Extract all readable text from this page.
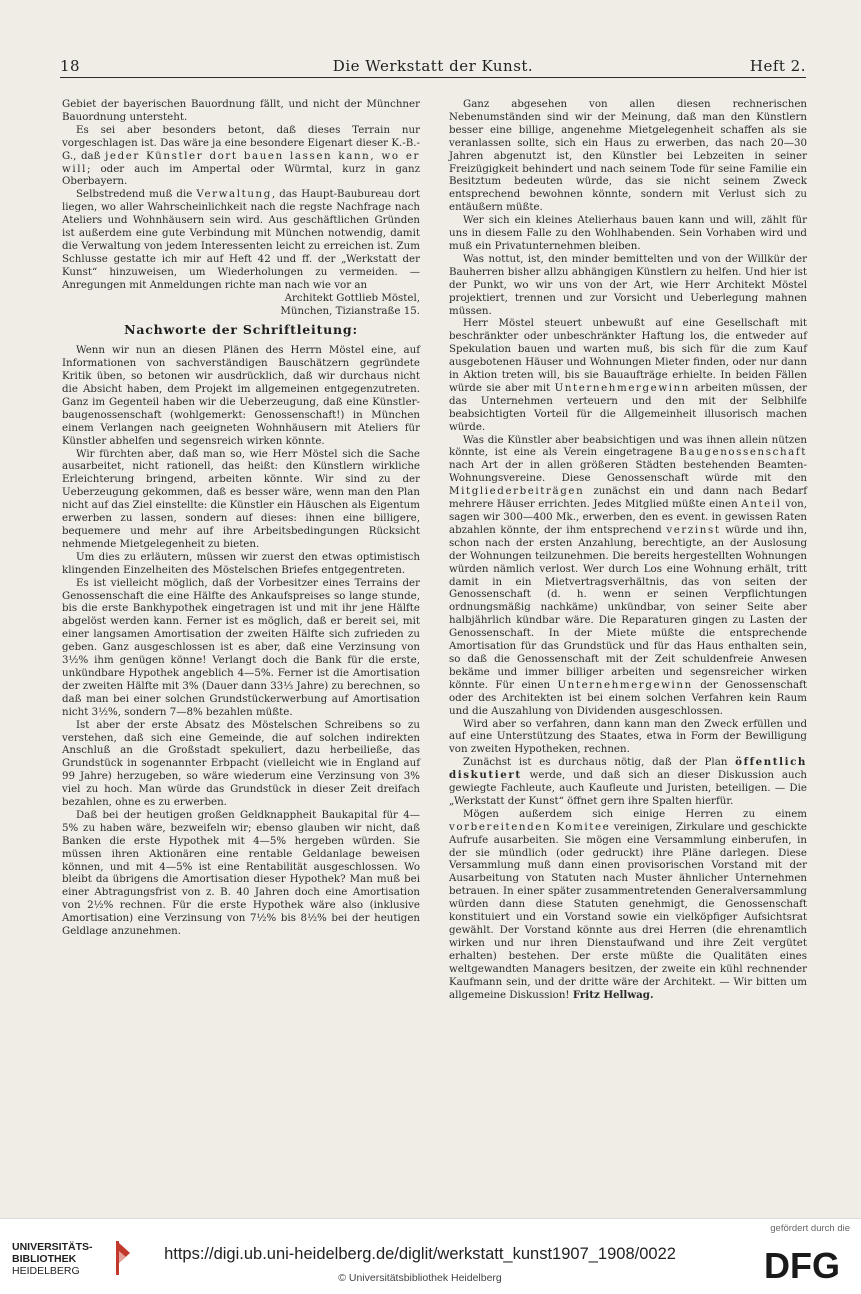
18	Die Werkstatt der Kunst.	Heft 2.

Gebiet der bayerischen Bauordnung fällt, und nicht der Münchner Bauordnung untersteht.

Es sei aber besonders betont, daß dieses Terrain nur vorgeschlagen ist. Das wäre ja eine besondere Eigenart dieser K.-B.-G., daß jeder Künstler dort bauen lassen kann, wo er will; oder auch im Ampertal oder Würmtal, kurz in ganz Oberbayern.

Selbstredend muß die Verwaltung, das Haupt-Baubureau dort liegen, wo aller Wahrscheinlichkeit nach die regste Nachfrage nach Ateliers und Wohnhäusern sein wird. Aus geschäftlichen Gründen ist außerdem eine gute Verbindung mit München notwendig, damit die Verwaltung von jedem Interessenten leicht zu erreichen ist. Zum Schlusse gestatte ich mir auf Heft 42 und ff. der „Werkstatt der Kunst“ hinzuweisen, um Wiederholungen zu vermeiden. — Anregungen mit Anmeldungen richte man nach wie vor an

Architekt Gottlieb Möstel,
München, Tizianstraße 15.

Nachworte der Schriftleitung:

Wenn wir nun an diesen Plänen des Herrn Möstel eine, auf Informationen von sachverständigen Bauschätzern gegründete Kritik üben, so betonen wir ausdrücklich, daß wir durchaus nicht die Absicht haben, dem Projekt im allgemeinen entgegenzutreten. Ganz im Gegenteil haben wir die Ueberzeugung, daß eine Künstler-baugenossenschaft (wohlgemerkt: Genossenschaft!) in München einem Verlangen nach geeigneten Wohnhäusern mit Ateliers für Künstler abhelfen und segensreich wirken könnte.

Wir fürchten aber, daß man so, wie Herr Möstel sich die Sache ausarbeitet, nicht rationell, das heißt: den Künstlern wirkliche Erleichterung bringend, arbeiten könnte. Wir sind zu der Ueberzeugung gekommen, daß es besser wäre, wenn man den Plan nicht auf das Ziel einstellte: die Künstler ein Häuschen als Eigentum erwerben zu lassen, sondern auf dieses: ihnen eine billigere, bequemere und mehr auf ihre Arbeitsbedingungen Rücksicht nehmende Mietgelegenheit zu bieten.

Um dies zu erläutern, müssen wir zuerst den etwas optimistisch klingenden Einzelheiten des Möstelschen Briefes entgegentreten.

Es ist vielleicht möglich, daß der Vorbesitzer eines Terrains der Genossenschaft die eine Hälfte des Ankaufspreises so lange stunde, bis die erste Bankhypothek eingetragen ist und mit ihr jene Hälfte abgelöst werden kann. Ferner ist es möglich, daß er bereit sei, mit einer langsamen Amortisation der zweiten Hälfte sich zufrieden zu geben. Ganz ausgeschlossen ist es aber, daß eine Verzinsung von 3½% ihm genügen könne! Verlangt doch die Bank für die erste, unkündbare Hypothek angeblich 4—5%. Ferner ist die Amortisation der zweiten Hälfte mit 3% (Dauer dann 33⅓ Jahre) zu berechnen, so daß man bei einer solchen Grundstückerwerbung auf Amortisation nicht 3½%, sondern 7—8% bezahlen müßte.

Ist aber der erste Absatz des Möstelschen Schreibens so zu verstehen, daß sich eine Gemeinde, die auf solchen indirekten Anschluß an die Großstadt spekuliert, dazu herbeiließe, das Grundstück in sogenannter Erbpacht (vielleicht wie in England auf 99 Jahre) herzugeben, so wäre wiederum eine Verzinsung von 3% viel zu hoch. Man würde das Grundstück in dieser Zeit dreifach bezahlen, ohne es zu erwerben.

Daß bei der heutigen großen Geldknappheit Baukapital für 4—5% zu haben wäre, bezweifeln wir; ebenso glauben wir nicht, daß Banken die erste Hypothek mit 4—5% hergeben würden. Sie müssen ihren Aktionären eine rentable Geldanlage beweisen können, und mit 4—5% ist eine Rentabilität ausgeschlossen. Wo bleibt da übrigens die Amortisation dieser Hypothek? Man muß bei einer Abtragungsfrist von z. B. 40 Jahren doch eine Amortisation von 2½% rechnen. Für die erste Hypothek wäre also (inklusive Amortisation) eine Verzinsung von 7½% bis 8½% bei der heutigen Geldlage anzunehmen.

Ganz abgesehen von allen diesen rechnerischen Nebenumständen sind wir der Meinung, daß man den Künstlern besser eine billige, angenehme Mietgelegenheit schaffen als sie veranlassen sollte, sich ein Haus zu erwerben, das nach 20—30 Jahren abgenutzt ist, den Künstler bei Lebzeiten in seiner Freizügigkeit behindert und nach seinem Tode für seine Familie ein Besitztum bedeuten würde, das sie nicht seinem Zweck entsprechend bewohnen könnte, sondern mit Verlust sich zu entäußern müßte.

Wer sich ein kleines Atelierhaus bauen kann und will, zählt für uns in diesem Falle zu den Wohlhabenden. Sein Vorhaben wird und muß ein Privatunternehmen bleiben.

Was nottut, ist, den minder bemittelten und von der Willkür der Bauherren bisher allzu abhängigen Künstlern zu helfen. Und hier ist der Punkt, wo wir uns von der Art, wie Herr Architekt Möstel projektiert, trennen und zur Vorsicht und Ueberlegung mahnen müssen.

Herr Möstel steuert unbewußt auf eine Gesellschaft mit beschränkter oder unbeschränkter Haftung los, die entweder auf Spekulation bauen und warten muß, bis sich für die zum Kauf ausgebotenen Häuser und Wohnungen Mieter finden, oder nur dann in Aktion treten will, bis sie Bauaufträge erhielte. In beiden Fällen würde sie aber mit Unternehmergewinn arbeiten müssen, der das Unternehmen verteuern und den mit der Selbhilfe beabsichtigten Vorteil für die Allgemeinheit illusorisch machen würde.

Was die Künstler aber beabsichtigen und was ihnen allein nützen könnte, ist eine als Verein eingetragene Baugenossenschaft nach Art der in allen größeren Städten bestehenden Beamten-Wohnungsvereine. Diese Genossenschaft würde mit den Mitgliederbeiträgen zunächst ein und dann nach Bedarf mehrere Häuser errichten. Jedes Mitglied müßte einen Anteil von, sagen wir 300—400 Mk., erwerben, den es event. in gewissen Raten abzahlen könnte, der ihm entsprechend verzinst würde und ihn, schon nach der ersten Anzahlung, berechtigte, an der Auslosung der Wohnungen teilzunehmen. Die bereits hergestellten Wohnungen würden nämlich verlost. Wer durch Los eine Wohnung erhält, tritt damit in ein Mietvertragsverhältnis, das von seiten der Genossenschaft (d. h. wenn er seinen Verpflichtungen ordnungsmäßig nachkäme) unkündbar, von seiner Seite aber halbjährlich kündbar wäre. Die Reparaturen gingen zu Lasten der Genossenschaft. In der Miete müßte die entsprechende Amortisation für das Grundstück und für das Haus enthalten sein, so daß die Genossenschaft mit der Zeit schuldenfreie Anwesen bekäme und immer billiger arbeiten und segensreicher wirken könnte. Für einen Unternehmergewinn der Genossenschaft oder des Architekten ist bei einem solchen Verfahren kein Raum und die Auszahlung von Dividenden ausgeschlossen.

Wird aber so verfahren, dann kann man den Zweck erfüllen und auf eine Unterstützung des Staates, etwa in Form der Bewilligung von zweiten Hypotheken, rechnen.

Zunächst ist es durchaus nötig, daß der Plan öffentlich diskutiert werde, und daß sich an dieser Diskussion auch gewiegte Fachleute, auch Kaufleute und Juristen, beteiligen. — Die „Werkstatt der Kunst“ öffnet gern ihre Spalten hierfür.

Mögen außerdem sich einige Herren zu einem vorbereitenden Komitee vereinigen, Zirkulare und geschickte Aufrufe ausarbeiten. Sie mögen eine Versammlung einberufen, in der sie mündlich (oder gedruckt) ihre Pläne darlegen. Diese Versammlung muß dann einen provisorischen Vorstand mit der Ausarbeitung von Statuten nach Muster ähnlicher Unternehmen betrauen. In einer später zusammentretenden Generalversammlung würden dann diese Statuten genehmigt, die Genossenschaft konstituiert und ein Vorstand sowie ein vielköpfiger Aufsichtsrat gewählt. Der Vorstand könnte aus drei Herren (die ehrenamtlich wirken und nur ihren Dienstaufwand und ihre Zeit vergütet erhalten) bestehen. Der erste müßte die Qualitäten eines weltgewandten Managers besitzen, der zweite ein kühl rechnender Kaufmann sein, und der dritte wäre der Architekt. — Wir bitten um allgemeine Diskussion! Fritz Hellwag.

UNIVERSITÄTS-
BIBLIOTHEK
HEIDELBERG
https://digi.ub.uni-heidelberg.de/diglit/werkstatt_kunst1907_1908/0022
© Universitätsbibliothek Heidelberg
gefördert durch die
DFG
